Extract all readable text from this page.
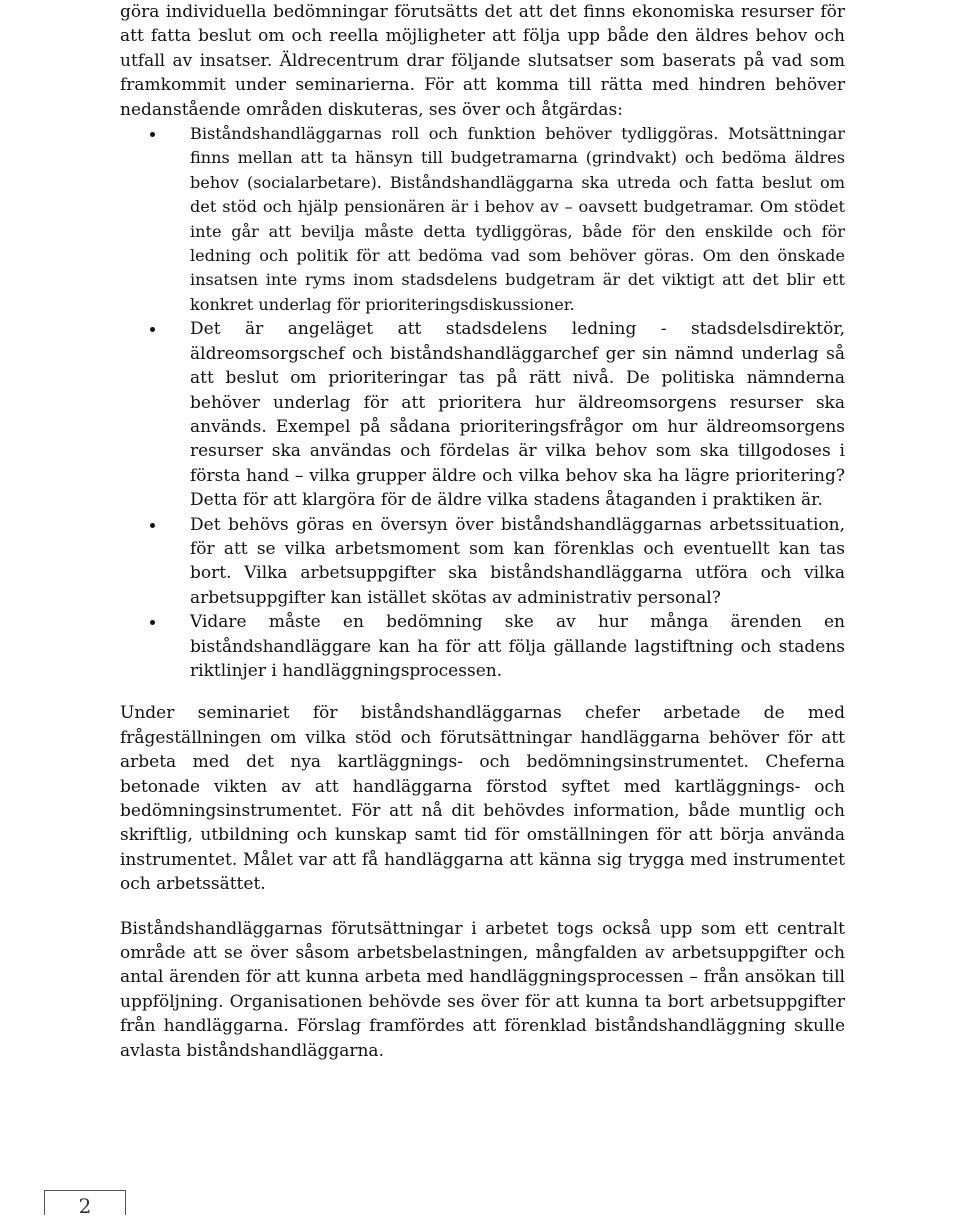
göra individuella bedömningar förutsätts det att det finns ekonomiska resurser för att fatta beslut om och reella möjligheter att följa upp både den äldres behov och utfall av insatser. Äldrecentrum drar följande slutsatser som baserats på vad som framkommit under seminarierna. För att komma till rätta med hindren behöver nedanstående områden diskuteras, ses över och åtgärdas:

Biståndshandläggarnas roll och funktion behöver tydliggöras. Motsättningar finns mellan att ta hänsyn till budgetramarna (grindvakt) och bedöma äldres behov (socialarbetare). Biståndshandläggarna ska utreda och fatta beslut om det stöd och hjälp pensionären är i behov av – oavsett budgetramar. Om stödet inte går att bevilja måste detta tydliggöras, både för den enskilde och för ledning och politik för att bedöma vad som behöver göras. Om den önskade insatsen inte ryms inom stadsdelens budgetram är det viktigt att det blir ett konkret underlag för prioriteringsdiskussioner.

Det är angeläget att stadsdelens ledning - stadsdelsdirektör, äldreomsorgschef och biståndshandläggarchef ger sin nämnd underlag så att beslut om prioriteringar tas på rätt nivå. De politiska nämnderna behöver underlag för att prioritera hur äldreomsorgens resurser ska används. Exempel på sådana prioriteringsfrågor om hur äldreomsorgens resurser ska användas och fördelas är vilka behov som ska tillgodoses i första hand – vilka grupper äldre och vilka behov ska ha lägre prioritering? Detta för att klargöra för de äldre vilka stadens åtaganden i praktiken är.

Det behövs göras en översyn över biståndshandläggarnas arbetssituation, för att se vilka arbetsmoment som kan förenklas och eventuellt kan tas bort. Vilka arbetsuppgifter ska biståndshandläggarna utföra och vilka arbetsuppgifter kan istället skötas av administrativ personal?

Vidare måste en bedömning ske av hur många ärenden en biståndshandläggare kan ha för att följa gällande lagstiftning och stadens riktlinjer i handläggningsprocessen.

Under seminariet för biståndshandläggarnas chefer arbetade de med frågeställningen om vilka stöd och förutsättningar handläggarna behöver för att arbeta med det nya kartläggnings- och bedömningsinstrumentet. Cheferna betonade vikten av att handläggarna förstod syftet med kartläggnings- och bedömningsinstrumentet. För att nå dit behövdes information, både muntlig och skriftlig, utbildning och kunskap samt tid för omställningen för att börja använda instrumentet. Målet var att få handläggarna att känna sig trygga med instrumentet och arbetssättet.

Biståndshandläggarnas förutsättningar i arbetet togs också upp som ett centralt område att se över såsom arbetsbelastningen, mångfalden av arbetsuppgifter och antal ärenden för att kunna arbeta med handläggningsprocessen – från ansökan till uppföljning. Organisationen behövde ses över för att kunna ta bort arbetsuppgifter från handläggarna. Förslag framfördes att förenklad biståndshandläggning skulle avlasta biståndshandläggarna.

2
